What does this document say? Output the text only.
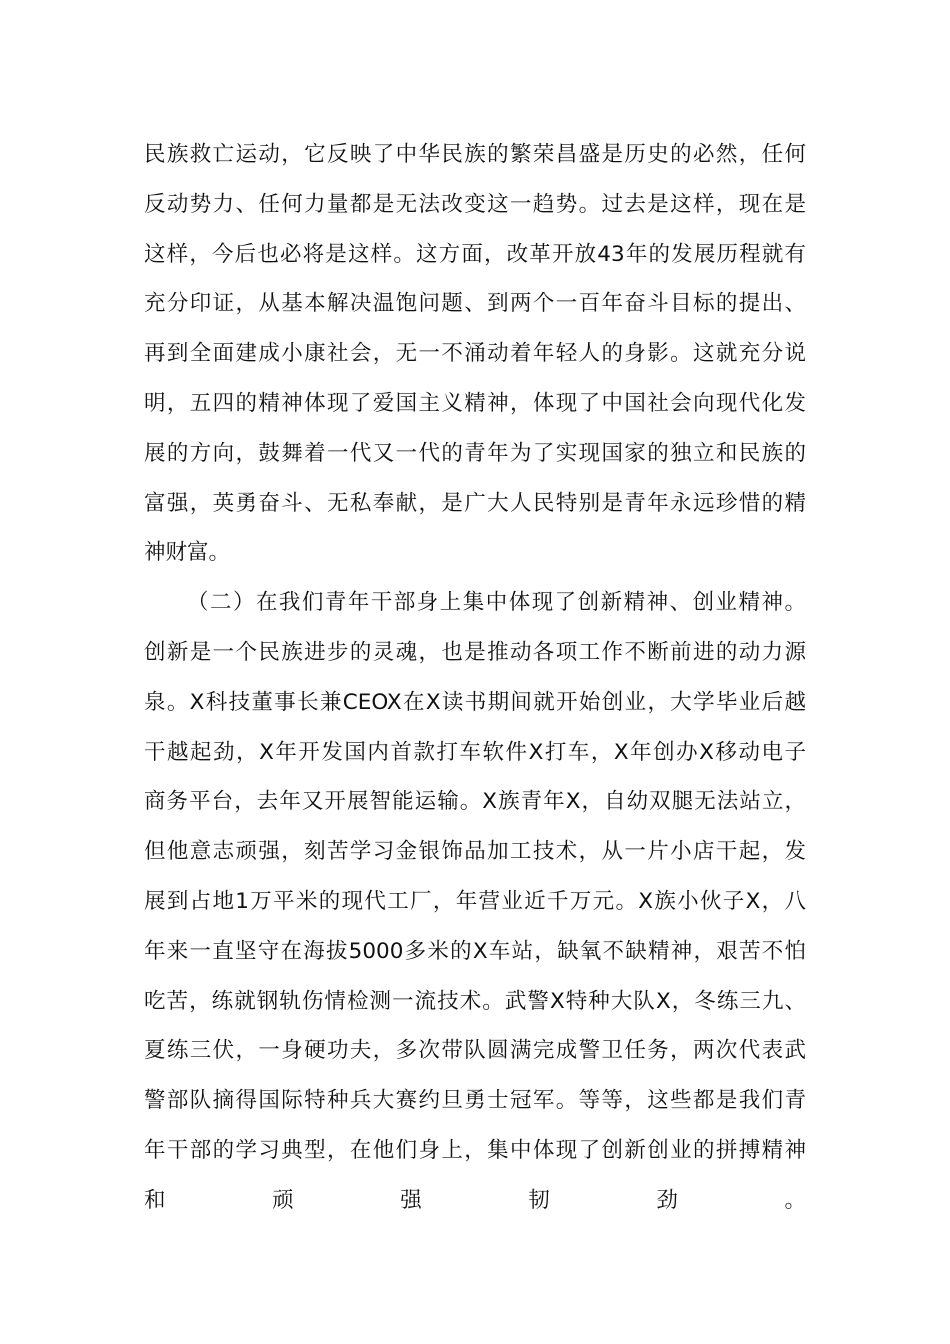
民族救亡运动，它反映了中华民族的繁荣昌盛是历史的必然，任何
反动势力、任何力量都是无法改变这一趋势。过去是这样，现在是
这样，今后也必将是这样。这方面，改革开放43年的发展历程就有
充分印证，从基本解决温饱问题、到两个一百年奋斗目标的提出、
再到全面建成小康社会，无一不涌动着年轻人的身影。这就充分说
明，五四的精神体现了爱国主义精神，体现了中国社会向现代化发
展的方向，鼓舞着一代又一代的青年为了实现国家的独立和民族的
富强，英勇奋斗、无私奉献，是广大人民特别是青年永远珍惜的精
神财富。
（二）在我们青年干部身上集中体现了创新精神、创业精神。
创新是一个民族进步的灵魂，也是推动各项工作不断前进的动力源
泉。X科技董事长兼CEOX在X读书期间就开始创业，大学毕业后越
干越起劲，X年开发国内首款打车软件X打车，X年创办X移动电子
商务平台，去年又开展智能运输。X族青年X，自幼双腿无法站立，
但他意志顽强，刻苦学习金银饰品加工技术，从一片小店干起，发
展到占地1万平米的现代工厂，年营业近千万元。X族小伙子X，八
年来一直坚守在海拔5000多米的X车站，缺氧不缺精神，艰苦不怕
吃苦，练就钢轨伤情检测一流技术。武警X特种大队X，冬练三九、
夏练三伏，一身硬功夫，多次带队圆满完成警卫任务，两次代表武
警部队摘得国际特种兵大赛约旦勇士冠军。等等，这些都是我们青
年干部的学习典型，在他们身上，集中体现了创新创业的拼搏精神
和顽强韧劲。
